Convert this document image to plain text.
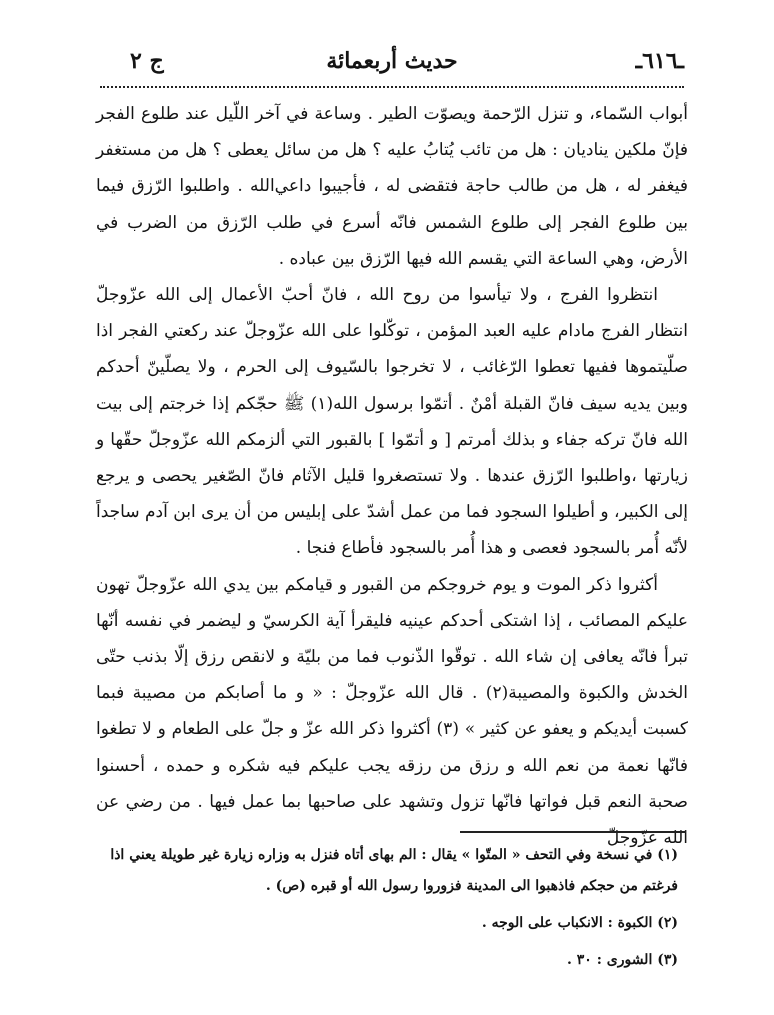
ـ٦١٦ـ
حديث أربعمائة
ج ٢

أبواب السّماء، و تنزل الرّحمة ويصوّت الطير . وساعة في آخر اللّيل عند طلوع الفجر فإنّ ملكين يناديان : هل من تائب يُتابُ عليه ؟ هل من سائل يعطى ؟ هل من مستغفر فيغفر له ، هل من طالب حاجة فتقضى له ، فأجيبوا داعي‌الله . واطلبوا الرّزق فيما بين طلوع الفجر إلى طلوع الشمس فانّه أسرع في طلب الرّزق من الضرب في الأرض، وهي الساعة التي يقسم الله فيها الرّزق بين عباده .

انتظروا الفرج ، ولا تيأسوا من روح الله ، فانّ أحبّ الأعمال إلى الله عزّوجلّ انتظار الفرج مادام عليه العبد المؤمن ، توكّلوا على الله عزّوجلّ عند ركعتي الفجر اذا صلّيتموها ففيها تعطوا الرّغائب ، لا تخرجوا بالسّيوف إلى الحرم ، ولا يصلّينّ أحدكم وبين يديه سيف فانّ القبلة أمْنٌ . أتمّوا برسول الله(١) ﷺ حجّكم إذا خرجتم إلى بيت الله فانّ تركه جفاء و بذلك أمرتم [ و أتمّوا ] بالقبور التي ألزمكم الله عزّوجلّ حقّها و زيارتها ،واطلبوا الرّزق عندها . ولا تستصغروا قليل الآثام فانّ الصّغير يحصى و يرجع إلى الكبير، و أطيلوا السجود فما من عمل أشدّ على إبليس من أن يرى ابن آدم ساجداً لأنّه أُمر بالسجود فعصى و هذا أُمر بالسجود فأطاع فنجا .

أكثروا ذكر الموت و يوم خروجكم من القبور و قيامكم بين يدي الله عزّوجلّ تهون عليكم المصائب ، إذا اشتكى أحدكم عينيه فليقرأ آية الكرسيّ و ليضمر في نفسه أنّها تبرأ فانّه يعافى إن شاء الله . توقّوا الذّنوب فما من بليّة و لانقص رزق إلّا بذنب حتّى الخدش والكبوة والمصيبة(٢) . قال الله عزّوجلّ : « و ما أصابكم من مصيبة فبما كسبت أيديكم و يعفو عن كثير » (٣) أكثروا ذكر الله عزّ و جلّ على الطعام و لا تطغوا فانّها نعمة من نعم الله و رزق من رزقه يجب عليكم فيه شكره و حمده ، أحسنوا صحبة النعم قبل فواتها فانّها تزول وتشهد على صاحبها بما عمل فيها . من رضي عن الله عزّوجلّ

(١) في نسخة وفي التحف « المتّوا » يقال : الم بهاى أتاه فنزل به وزاره زيارة غير طويلة يعني اذا فرغتم من حجكم فاذهبوا الى المدينة فزوروا رسول الله أو قبره (ص) .

(٢) الكبوة : الانكباب على الوجه .

(٣) الشورى : ٣٠ .
